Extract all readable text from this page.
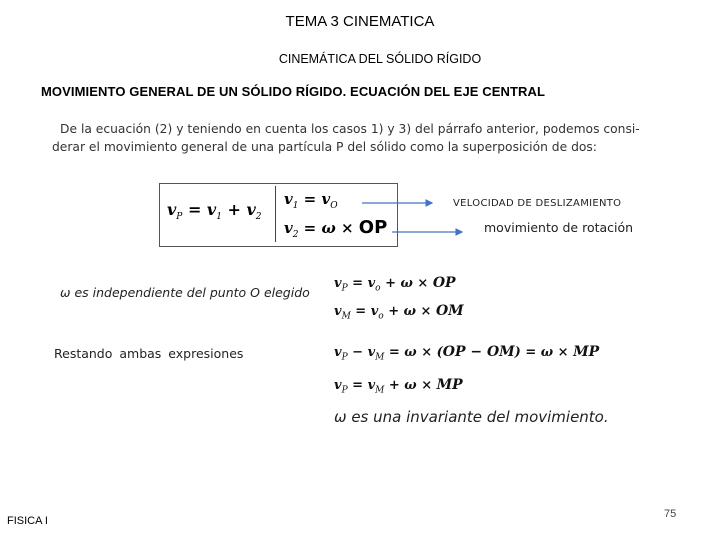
TEMA 3 CINEMATICA
CINEMÁTICA DEL SÓLIDO RÍGIDO
MOVIMIENTO GENERAL DE UN SÓLIDO RÍGIDO. ECUACIÓN DEL EJE CENTRAL

De la ecuación (2) y teniendo en cuenta los casos 1) y 3) del párrafo anterior, podemos consi-

derar el movimiento general de una partícula P del sólido como la superposición de dos:

$v_P = v_1 + v_2$
$v_1 = v_O$
$v_2 = \omega$ × OP
VELOCIDAD DE DESLIZAMIENTO
movimiento de rotación
ω es independiente del punto O elegido
$v_P = v_o + \omega$ × OP
$v_M = v_o + \omega$ × OM
Restando ambas expresiones	$v_P - v_M = \omega \times (OP - OM) = \omega$ × MP
$v_P = v_M + \omega$ × MP
ω es una invariante del movimiento.
FISICA I
75
